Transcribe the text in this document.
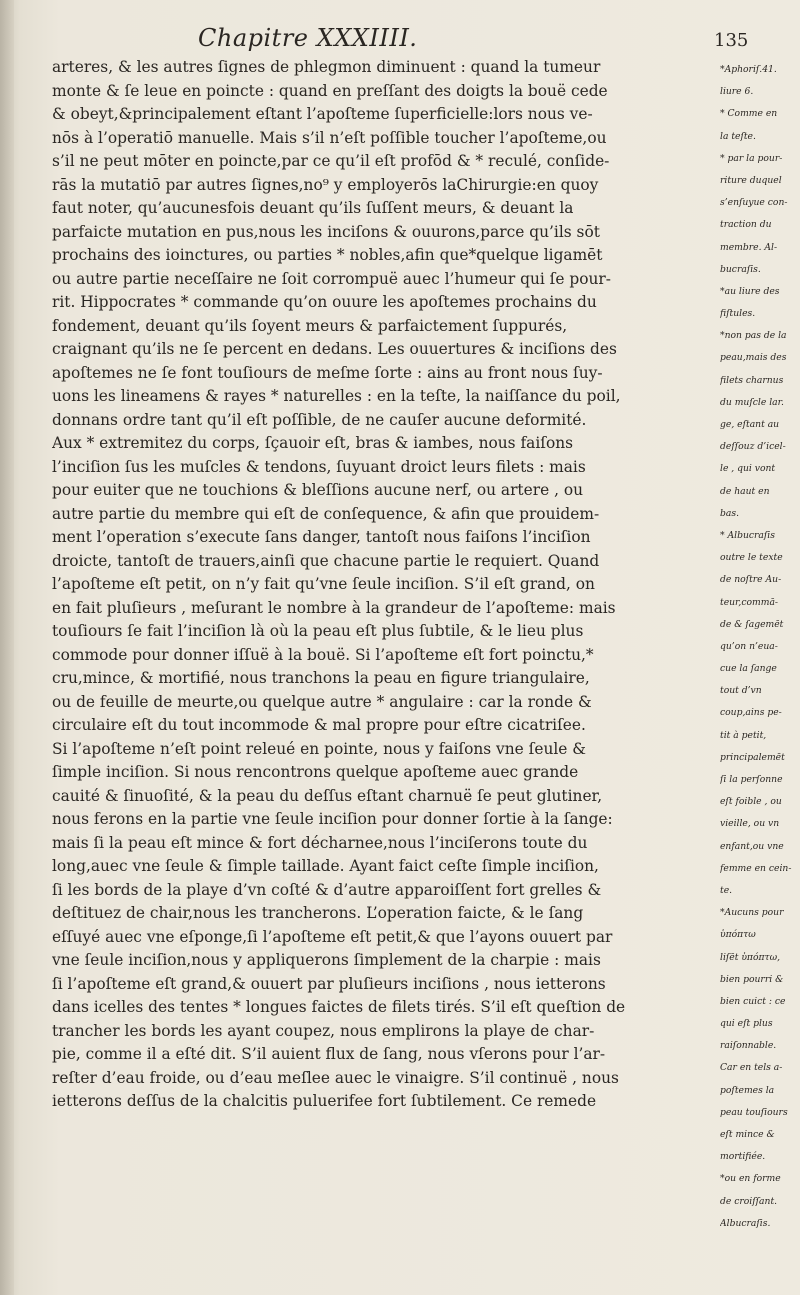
Chapitre XXXIIII.	135
arteres, & les autres ſignes de phlegmon diminuent : quand la tumeur
monte & ſe leue en poincte : quand en preſſant des doigts la bouë cede
& obeyt,&principalement eſtant l’apoſteme ſuperficielle:lors nous ve-
nōs à l’operatiō manuelle. Mais s’il n’eſt poſſible toucher l’apoſteme,ou
s’il ne peut mōter en poincte,par ce qu’il eſt profōd & * reculé, conſide-
rās la mutatiō par autres ſignes,no⁹ y employerōs laChirurgie:en quoy
faut noter, qu’aucunesfois deuant qu’ils ſuſſent meurs, & deuant la
parfaicte mutation en pus,nous les inciſons & ouurons,parce qu’ils sōt
prochains des ioinctures, ou parties * nobles,afin que*quelque ligamēt
ou autre partie neceſſaire ne ſoit corrompuë auec l’humeur qui ſe pour-
rit. Hippocrates * commande qu’on ouure les apoſtemes prochains du
fondement, deuant qu’ils ſoyent meurs & parfaictement ſuppurés,
craignant qu’ils ne ſe percent en dedans. Les ouuertures & inciſions des
apoſtemes ne ſe font touſiours de meſme ſorte : ains au front nous ſuy-
uons les lineamens & rayes * naturelles : en la teſte, la naiſſance du poil,
donnans ordre tant qu’il eſt poſſible, de ne cauſer aucune deformité.
Aux * extremitez du corps, ſçauoir eſt, bras & iambes, nous faiſons
l’inciſion ſus les muſcles & tendons, ſuyuant droict leurs filets : mais
pour euiter que ne touchions & bleſſions aucune nerf, ou artere , ou
autre partie du membre qui eſt de conſequence, & afin que prouidem-
ment l’operation s’execute ſans danger, tantoſt nous faiſons l’inciſion
droicte, tantoſt de trauers,ainſi que chacune partie le requiert. Quand
l’apoſteme eſt petit, on n’y fait qu’vne ſeule inciſion. S’il eſt grand, on
en fait pluſieurs , meſurant le nombre à la grandeur de l’apoſteme: mais
touſiours ſe fait l’inciſion là où la peau eſt plus ſubtile, & le lieu plus
commode pour donner iſſuë à la bouë. Si l’apoſteme eſt fort poinctu,*
cru,mince, & mortifié, nous tranchons la peau en figure triangulaire,
ou de feuille de meurte,ou quelque autre * angulaire : car la ronde &
circulaire eſt du tout incommode & mal propre pour eſtre cicatriſee.
Si l’apoſteme n’eſt point releué en pointe, nous y faiſons vne ſeule &
ſimple inciſion. Si nous rencontrons quelque apoſteme auec grande
cauité & ſinuoſité, & la peau du deſſus eſtant charnuë ſe peut glutiner,
nous ferons en la partie vne ſeule inciſion pour donner ſortie à la ſange:
mais ſi la peau eſt mince & fort décharnee,nous l’inciſerons toute du
long,auec vne ſeule & ſimple taillade. Ayant faict ceſte ſimple inciſion,
ſi les bords de la playe d’vn coſté & d’autre apparoiſſent fort grelles &
deſtituez de chair,nous les trancherons. L’operation faicte, & le ſang
eſſuyé auec vne eſponge,ſi l’apoſteme eſt petit,& que l’ayons ouuert par
vne ſeule inciſion,nous y appliquerons ſimplement de la charpie : mais
ſi l’apoſteme eſt grand,& ouuert par pluſieurs inciſions , nous ietterons
dans icelles des tentes * longues faictes de filets tirés. S’il eſt queſtion de
trancher les bords les ayant coupez, nous emplirons la playe de char-
pie, comme il a eſté dit. S’il auient flux de ſang, nous vſerons pour l’ar-
reſter d’eau froide, ou d’eau meſlee auec le vinaigre. S’il continuë , nous
ietterons deſſus de la chalcitis puluerifee fort ſubtilement. Ce remede
*Aphoriſ.41.
liure 6.
* Comme en
la teſte.
* par la pour-
riture duquel
s’enſuyue con-
traction du
membre. Al-
bucraſis.
*au liure des
fiſtules.
*non pas de la
peau,mais des
filets charnus
du muſcle lar.
ge, eſtant au
deſſouz d’icel-
le , qui vont
de haut en
bas.
* Albucraſis
outre le texte
de noſtre Au-
teur,commā-
de & ſagemēt
qu’on n’eua-
cue la ſange
tout d’vn
coup,ains pe-
tit à petit,
principalemēt
ſi la perſonne
eſt foible , ou
vieille, ou vn
enfant,ou vne
femme en cein-
te.
*Aucuns pour
ὑπόπτω
liſēt ὑπόπτω,
bien pourri &
bien cuict : ce
qui eſt plus
raiſonnable.
Car en tels a-
poſtemes la
peau touſiours
eſt mince &
mortifiée.
*ou en forme
de croiſſant.
Albucraſis.
